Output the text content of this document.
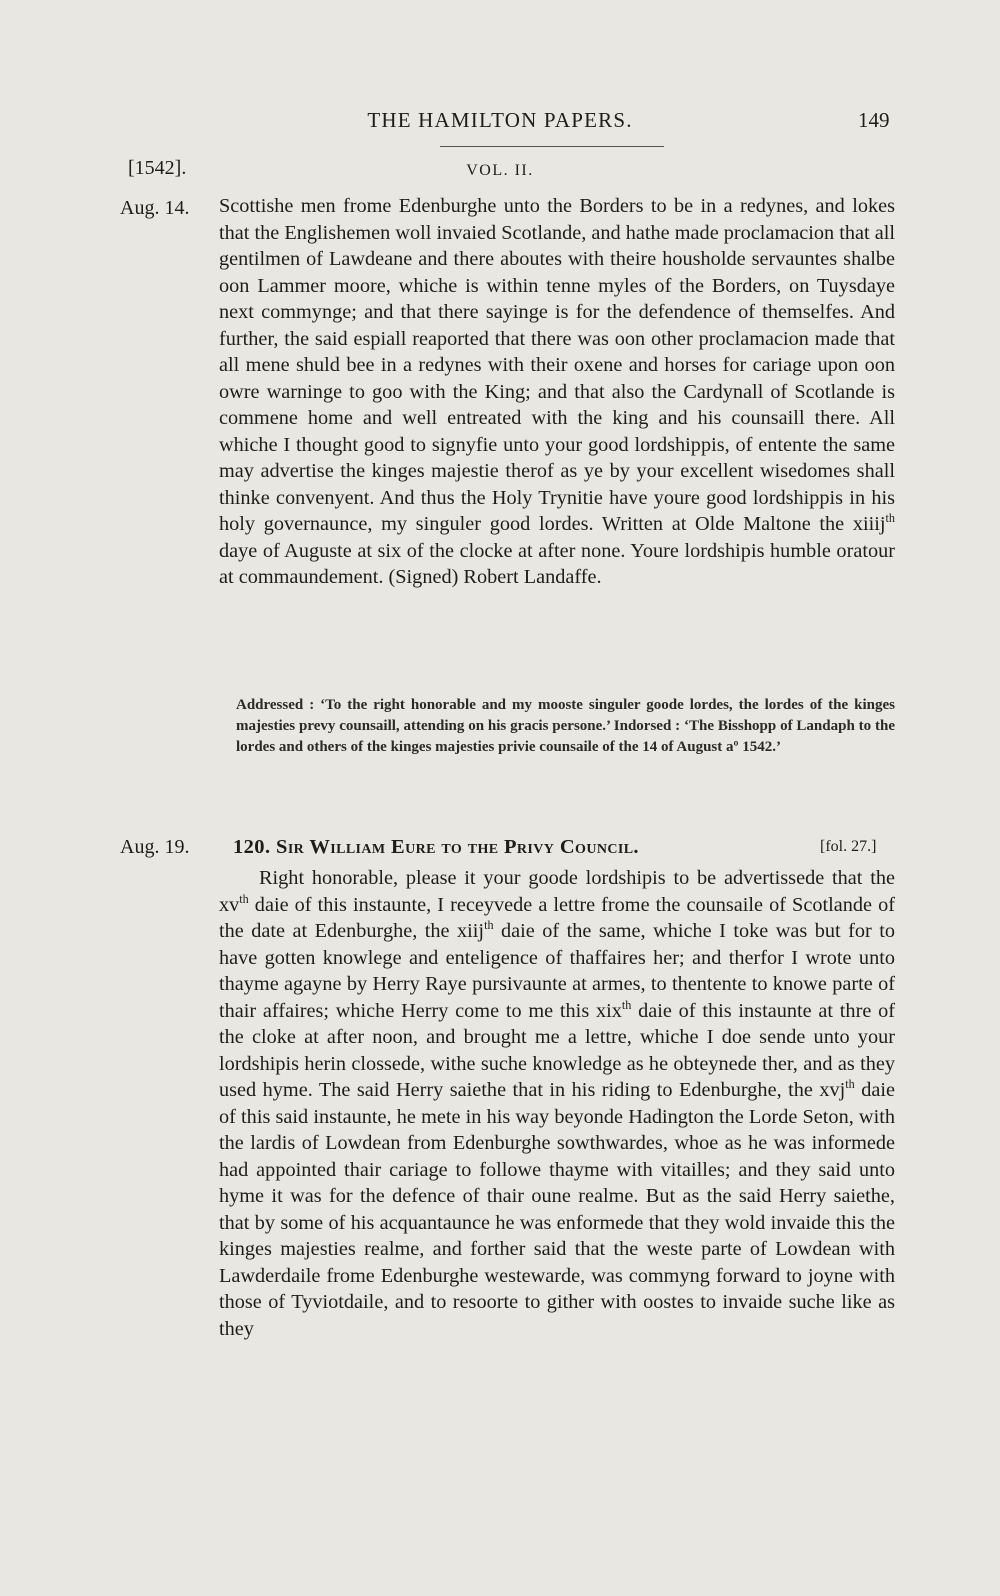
THE HAMILTON PAPERS.	149
[1542].	VOL. II.
Aug. 14. Scottishe men frome Edenburghe unto the Borders to be in a redynes, and lokes that the Englishemen woll invaied Scotlande, and hathe made proclamacion that all gentilmen of Lawdeane and there aboutes with theire housholde servauntes shalbe oon Lammer moore, whiche is within tenne myles of the Borders, on Tuysdaye next commynge; and that there sayinge is for the defendence of themselfes. And further, the said espiall reaported that there was oon other proclamacion made that all mene shuld bee in a redynes with their oxene and horses for cariage upon oon owre warninge to goo with the King; and that also the Cardynall of Scotlande is commene home and well entreated with the king and his counsaill there. All whiche I thought good to signyfie unto your good lordshippis, of entente the same may advertise the kinges majestie therof as ye by your excellent wisedomes shall thinke convenyent. And thus the Holy Trynitie have youre good lordshippis in his holy governaunce, my singuler good lordes. Written at Olde Maltone the xiiij$^{th}$ daye of Auguste at six of the clocke at after none. Youre lordshipis humble oratour at commaundement. (Signed) Robert Landaffe.

Addressed : ‘To the right honorable and my mooste singuler goode lordes, the lordes of the kinges majesties prevy counsaill, attending on his gracis persone.’ Indorsed : ‘The Bisshopp of Landaph to the lordes and others of the kinges majesties privie counsaile of the 14 of August aº 1542.’

Aug. 19. 120. Sir William Eure to the Privy Council.	[fol. 27.]

Right honorable, please it your goode lordshipis to be advertissede that the $xv^{th}$ daie of this instaunte, I receyvede a lettre frome the counsaile of Scotlande of the date at Edenburghe, the xiij$^{th}$ daie of the same, whiche I toke was but for to have gotten knowlege and enteligence of thaffaires her; and therfor I wrote unto thayme agayne by Herry Raye pursivaunte at armes, to thentente to knowe parte of thair affaires; whiche Herry come to me this xix$^{th}$ daie of this instaunte at thre of the cloke at after noon, and brought me a lettre, whiche I doe sende unto your lordshipis herin clossede, withe suche knowledge as he obteynede ther, and as they used hyme. The said Herry saiethe that in his riding to Edenburghe, the xvj$^{th}$ daie of this said instaunte, he mete in his way beyonde Hadington the Lorde Seton, with the lardis of Lowdean from Edenburghe sowthwardes, whoe as he was informede had appointed thair cariage to followe thayme with vitailles; and they said unto hyme it was for the defence of thair oune realme. But as the said Herry saiethe, that by some of his acquantaunce he was enformede that they wold invaide this the kinges majesties realme, and forther said that the weste parte of Lowdean with Lawderdaile frome Edenburghe westewarde, was commyng forward to joyne with those of Tyviotdaile, and to resoorte to gither with oostes to invaide suche like as they
